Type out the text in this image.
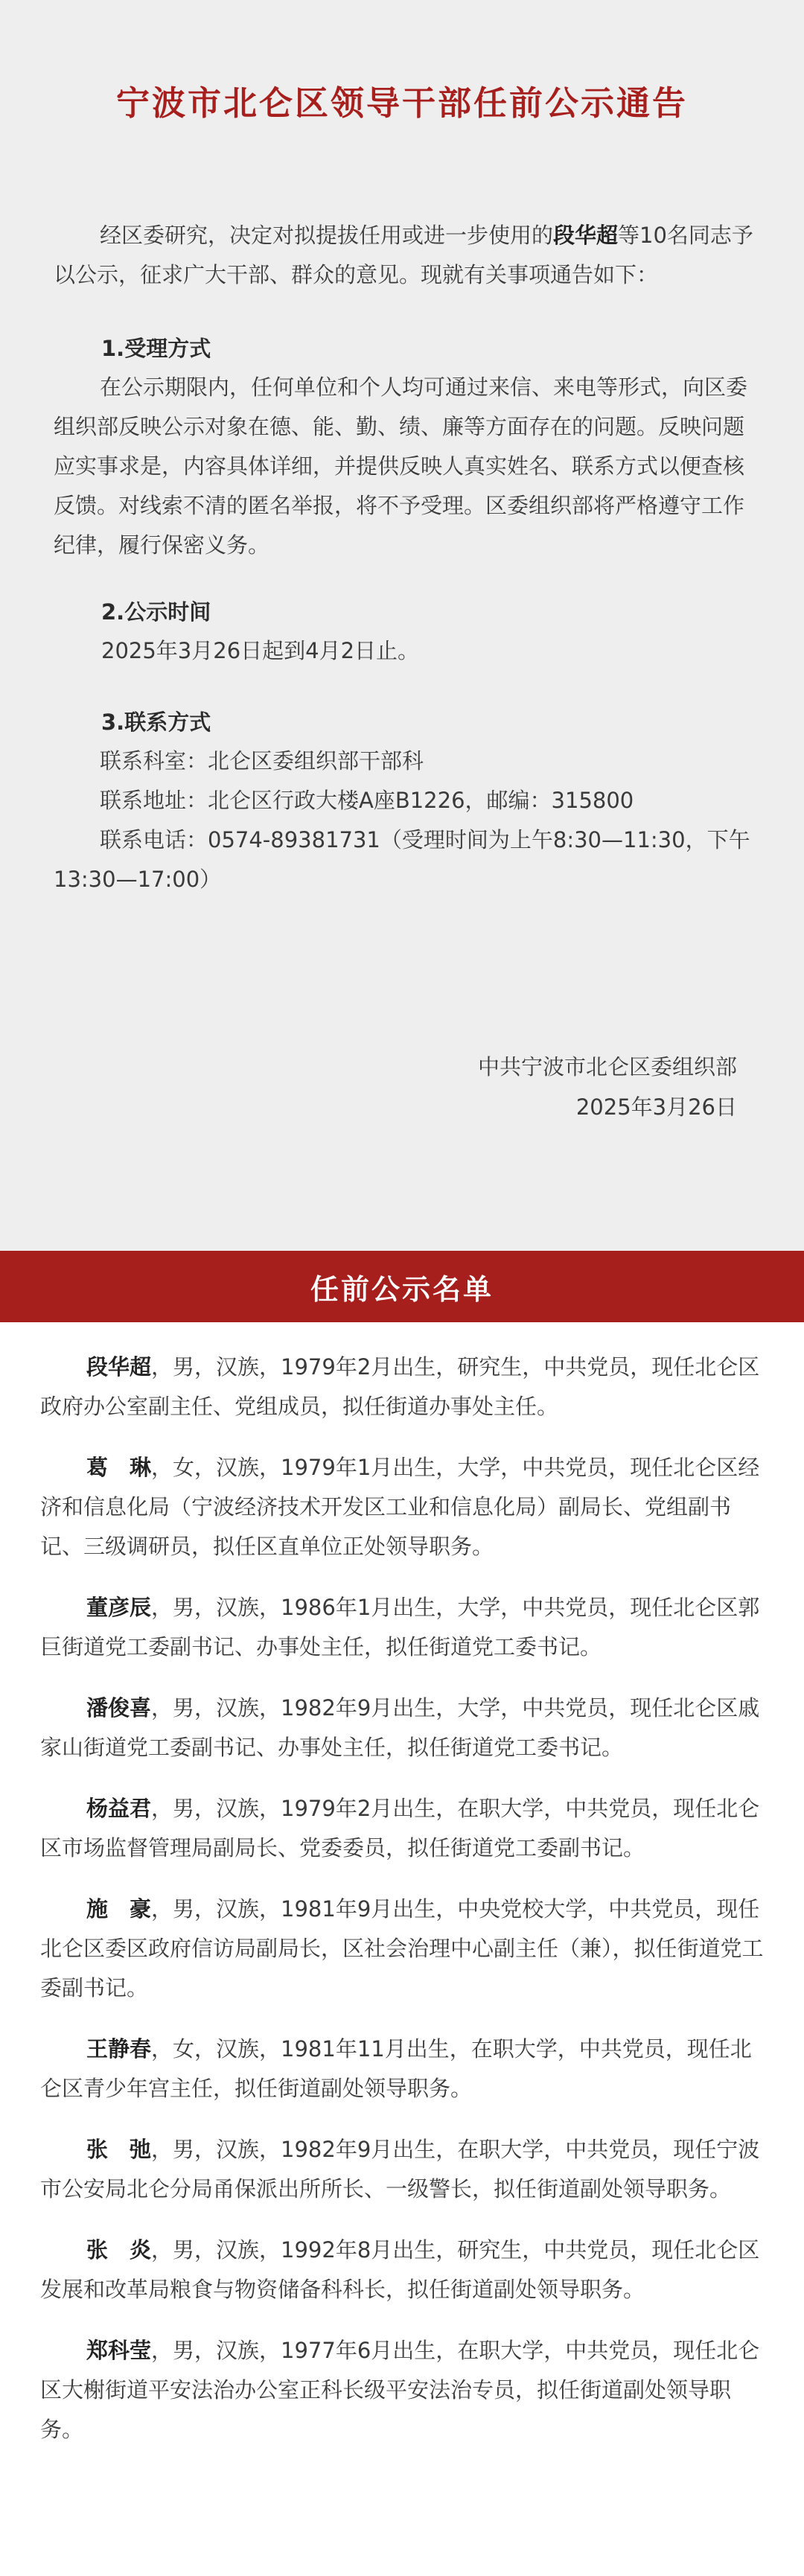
宁波市北仑区领导干部任前公示通告

经区委研究，决定对拟提拔任用或进一步使用的段华超等10名同志予以公示，征求广大干部、群众的意见。现就有关事项通告如下：

1.受理方式

在公示期限内，任何单位和个人均可通过来信、来电等形式，向区委组织部反映公示对象在德、能、勤、绩、廉等方面存在的问题。反映问题应实事求是，内容具体详细，并提供反映人真实姓名、联系方式以便查核反馈。对线索不清的匿名举报，将不予受理。区委组织部将严格遵守工作纪律，履行保密义务。

2.公示时间

2025年3月26日起到4月2日止。

3.联系方式
联系科室：北仑区委组织部干部科
联系地址：北仑区行政大楼A座B1226，邮编：315800
联系电话：0574-89381731（受理时间为上午8:30—11:30，下午13:30—17:00）
中共宁波市北仑区委组织部
2025年3月26日
任前公示名单

段华超，男，汉族，1979年2月出生，研究生，中共党员，现任北仑区政府办公室副主任、党组成员，拟任街道办事处主任。

葛　琳，女，汉族，1979年1月出生，大学，中共党员，现任北仑区经济和信息化局（宁波经济技术开发区工业和信息化局）副局长、党组副书记、三级调研员，拟任区直单位正处领导职务。

董彦辰，男，汉族，1986年1月出生，大学，中共党员，现任北仑区郭巨街道党工委副书记、办事处主任，拟任街道党工委书记。

潘俊喜，男，汉族，1982年9月出生，大学，中共党员，现任北仑区戚家山街道党工委副书记、办事处主任，拟任街道党工委书记。

杨益君，男，汉族，1979年2月出生，在职大学，中共党员，现任北仑区市场监督管理局副局长、党委委员，拟任街道党工委副书记。

施　豪，男，汉族，1981年9月出生，中央党校大学，中共党员，现任北仑区委区政府信访局副局长，区社会治理中心副主任（兼），拟任街道党工委副书记。

王静春，女，汉族，1981年11月出生，在职大学，中共党员，现任北仑区青少年宫主任，拟任街道副处领导职务。

张　弛，男，汉族，1982年9月出生，在职大学，中共党员，现任宁波市公安局北仑分局甬保派出所所长、一级警长，拟任街道副处领导职务。

张　炎，男，汉族，1992年8月出生，研究生，中共党员，现任北仑区发展和改革局粮食与物资储备科科长，拟任街道副处领导职务。

郑科莹，男，汉族，1977年6月出生，在职大学，中共党员，现任北仑区大榭街道平安法治办公室正科长级平安法治专员，拟任街道副处领导职务。
